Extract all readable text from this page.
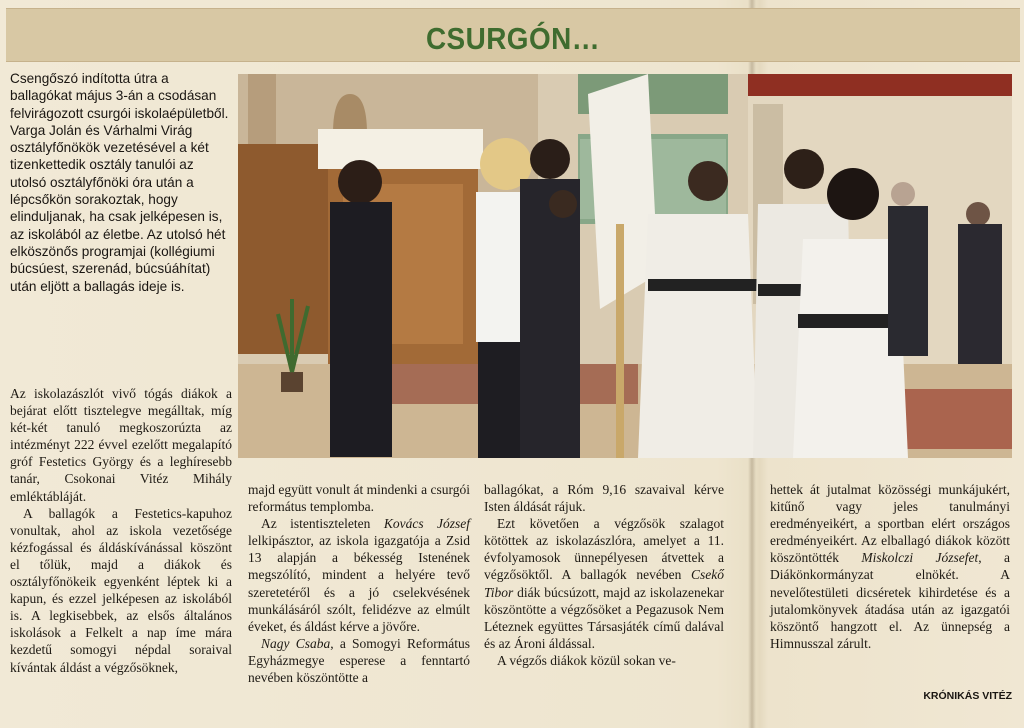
CSURGÓN…
Csengőszó indította útra a ballagókat május 3-án a csodásan felvirágozott csurgói iskolaépületből. Varga Jolán és Várhalmi Virág osztályfőnökök vezetésével a két tizenkettedik osztály tanulói az utolsó osztályfőnöki óra után a lépcsőkön sorakoztak, hogy elinduljanak, ha csak jelképesen is, az iskolából az életbe. Az utolsó hét elköszönős programjai (kollégiumi búcsúest, szerenád, búcsúáhítat) után eljött a ballagás ideje is.

Az iskolazászlót vivő tógás diákok a bejárat előtt tisztelegve megálltak, míg két-két tanuló megkoszorúzta az intézményt 222 évvel ezelőtt megalapító gróf Festetics György és a leghíresebb tanár, Csokonai Vitéz Mihály emléktábláját.

A ballagók a Festetics-kapuhoz vonultak, ahol az iskola vezetősége kézfogással és áldáskívánással köszönt el tőlük, majd a diákok és osztályfőnökeik egyenként léptek ki a kapun, és ezzel jelképesen az iskolából is. A legkisebbek, az elsős általános iskolások a Felkelt a nap íme mára kezdetű somogyi népdal soraival kívántak áldást a végzősöknek,

majd együtt vonult át mindenki a csurgói református templomba.

Az istentiszteleten Kovács József lelkipásztor, az iskola igazgatója a Zsid 13 alapján a békesség Istenének megszólító, mindent a helyére tevő szeretetéről és a jó cselekvésének munkálásáról szólt, felidézve az elmúlt éveket, és áldást kérve a jövőre.

Nagy Csaba, a Somogyi Református Egyházmegye esperese a fenntartó nevében köszöntötte a

ballagókat, a Róm 9,16 szavaival kérve Isten áldását rájuk.

Ezt követően a végzősök szalagot kötöttek az iskolazászlóra, amelyet a 11. évfolyamosok ünnepélyesen átvettek a végzősöktől. A ballagók nevében Csekő Tibor diák búcsúzott, majd az iskolazenekar köszöntötte a végzősöket a Pegazusok Nem Léteznek együttes Társasjáték című dalával és az Ároni áldással.

A végzős diákok közül sokan ve-

hettek át jutalmat közösségi munkájukért, kitűnő vagy jeles tanulmányi eredményeikért, a sportban elért országos eredményeikért. Az elballagó diákok között köszöntötték Miskolczi Józsefet, a Diákönkormányzat elnökét. A nevelőtestületi dicséretek kihirdetése és a jutalomkönyvek átadása után az igazgatói köszöntő hangzott el. Az ünnepség a Himnusszal zárult.

KRÓNIKÁS VITÉZ
